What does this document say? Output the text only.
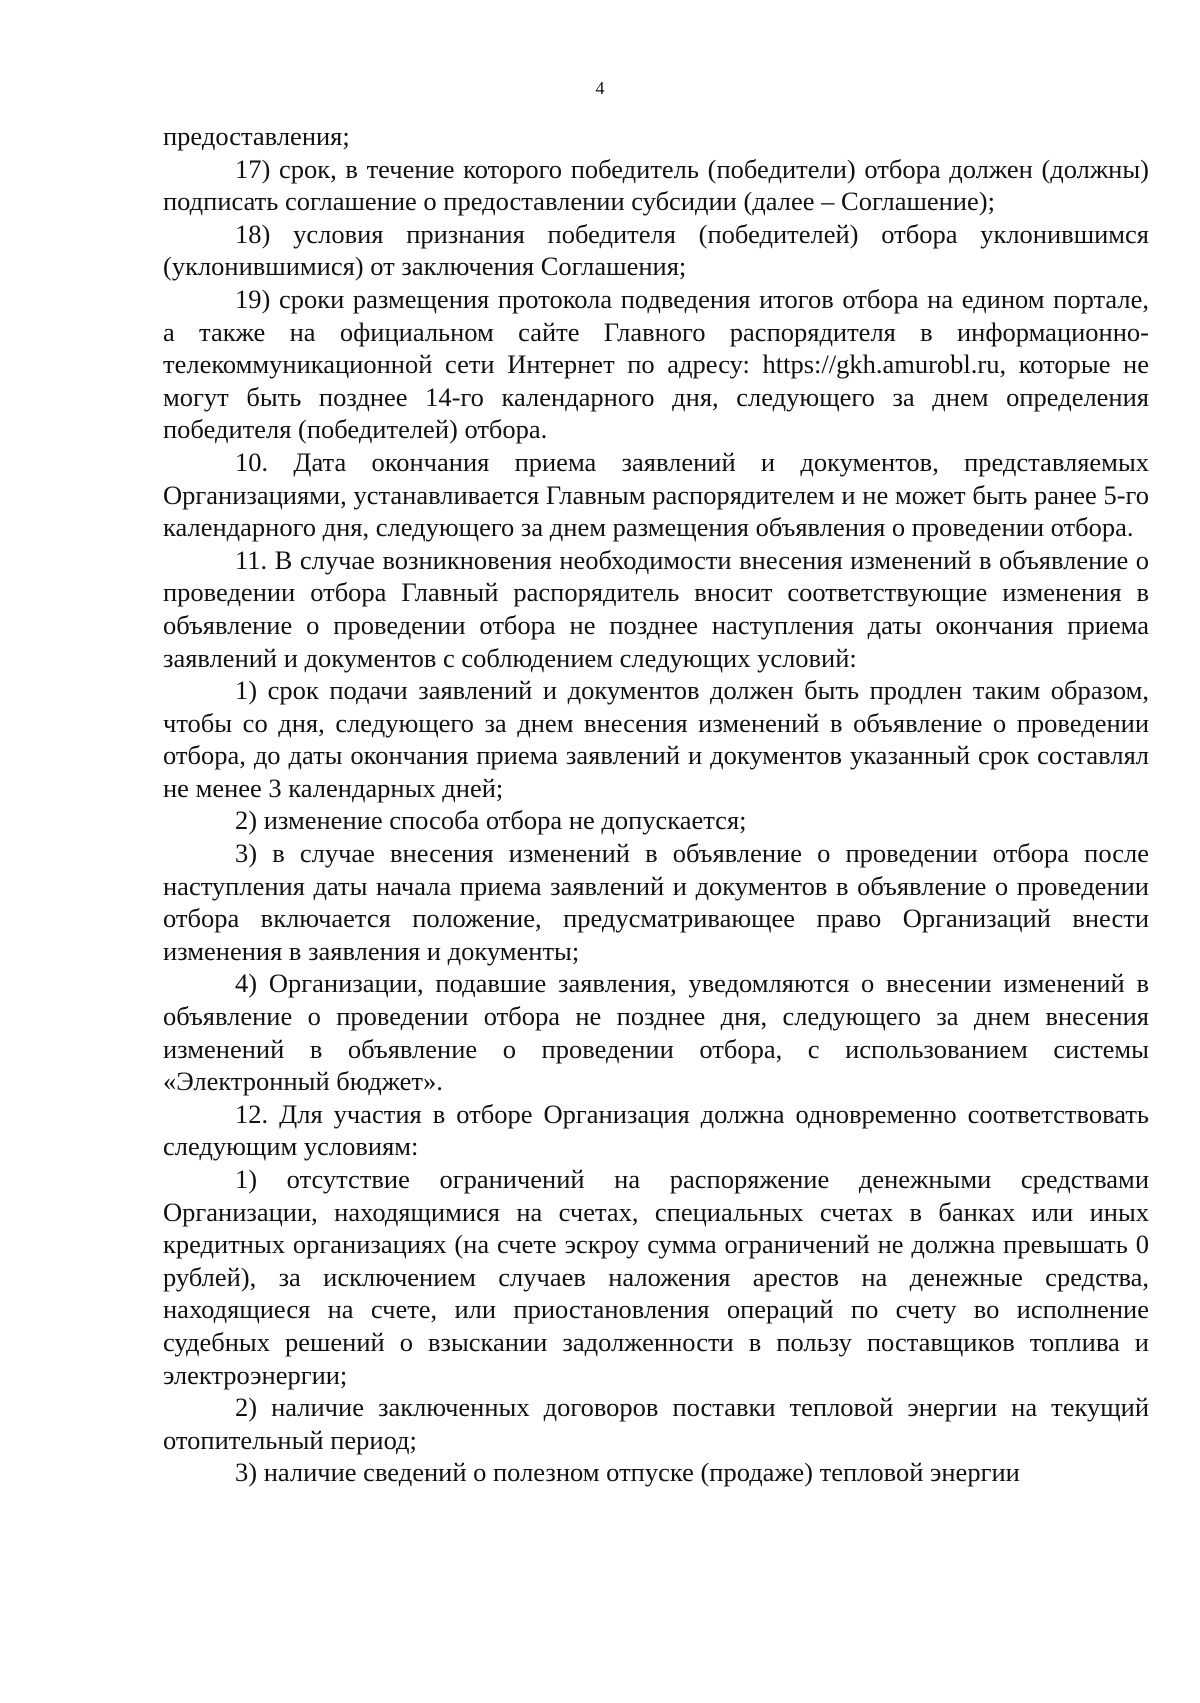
4

предоставления;

17) срок, в течение которого победитель (победители) отбора должен (должны) подписать соглашение о предоставлении субсидии (далее – Соглашение);

18) условия признания победителя (победителей) отбора уклонившимся (уклонившимися) от заключения Соглашения;

19) сроки размещения протокола подведения итогов отбора на едином портале, а также на официальном сайте Главного распорядителя в информационно-телекоммуникационной сети Интернет по адресу: https://gkh.amurobl.ru, которые не могут быть позднее 14-го календарного дня, следующего за днем определения победителя (победителей) отбора.

10. Дата окончания приема заявлений и документов, представляемых Организациями, устанавливается Главным распорядителем и не может быть ранее 5-го календарного дня, следующего за днем размещения объявления о проведении отбора.

11. В случае возникновения необходимости внесения изменений в объявление о проведении отбора Главный распорядитель вносит соответствующие изменения в объявление о проведении отбора не позднее наступления даты окончания приема заявлений и документов с соблюдением следующих условий:

1) срок подачи заявлений и документов должен быть продлен таким образом, чтобы со дня, следующего за днем внесения изменений в объявление о проведении отбора, до даты окончания приема заявлений и документов указанный срок составлял не менее 3 календарных дней;

2) изменение способа отбора не допускается;

3) в случае внесения изменений в объявление о проведении отбора после наступления даты начала приема заявлений и документов в объявление о проведении отбора включается положение, предусматривающее право Организаций внести изменения в заявления и документы;

4) Организации, подавшие заявления, уведомляются о внесении изменений в объявление о проведении отбора не позднее дня, следующего за днем внесения изменений в объявление о проведении отбора, с использованием системы «Электронный бюджет».

12. Для участия в отборе Организация должна одновременно соответствовать следующим условиям:

1) отсутствие ограничений на распоряжение денежными средствами Организации, находящимися на счетах, специальных счетах в банках или иных кредитных организациях (на счете эскроу сумма ограничений не должна превышать 0 рублей), за исключением случаев наложения арестов на денежные средства, находящиеся на счете, или приостановления операций по счету во исполнение судебных решений о взыскании задолженности в пользу поставщиков топлива и электроэнергии;

2) наличие заключенных договоров поставки тепловой энергии на текущий отопительный период;

3) наличие сведений о полезном отпуске (продаже) тепловой энергии
